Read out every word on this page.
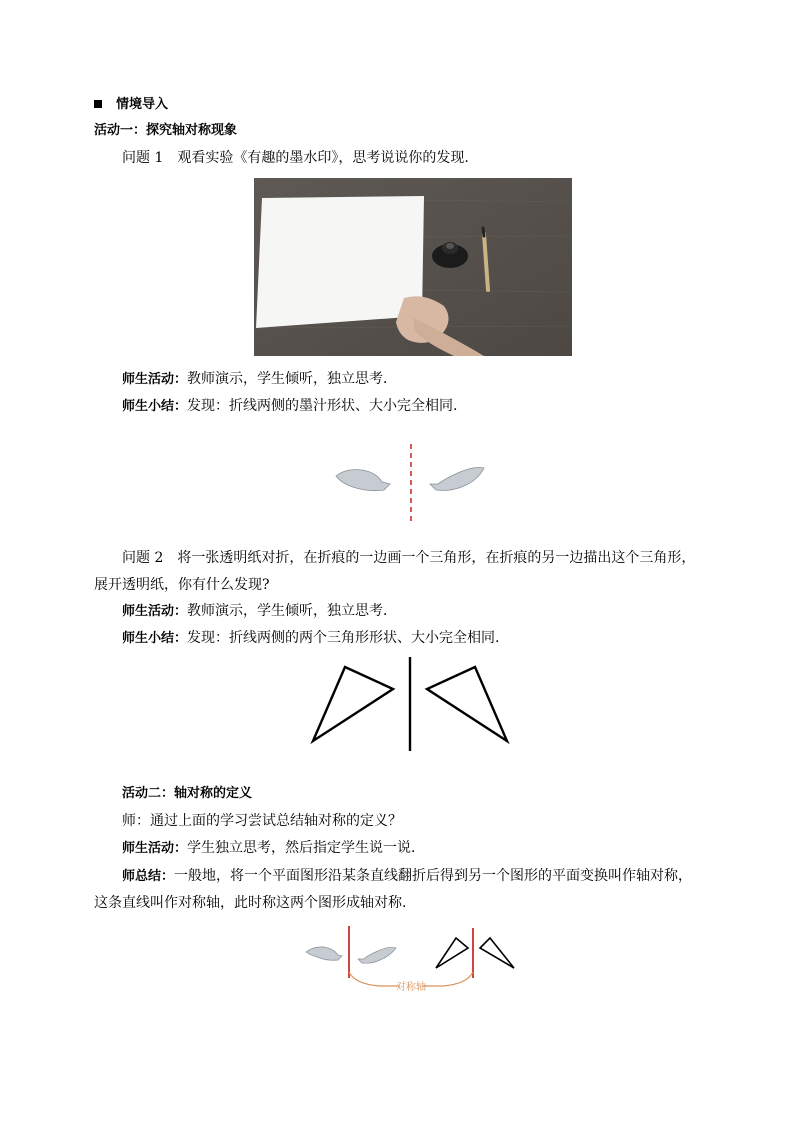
情境导入
活动一：探究轴对称现象
问题 1　观看实验《有趣的墨水印》，思考说说你的发现.
师生活动：教师演示，学生倾听，独立思考．
师生小结：发现：折线两侧的墨汁形状、大小完全相同.
问题 2　将一张透明纸对折，在折痕的一边画一个三角形，在折痕的另一边描出这个三角形，
展开透明纸，你有什么发现?
师生活动：教师演示，学生倾听，独立思考．
师生小结：发现：折线两侧的两个三角形形状、大小完全相同.
活动二：轴对称的定义
师：通过上面的学习尝试总结轴对称的定义？
师生活动：学生独立思考，然后指定学生说一说．
师总结：一般地，将一个平面图形沿某条直线翻折后得到另一个图形的平面变换叫作轴对称，
这条直线叫作对称轴，此时称这两个图形成轴对称.
对称轴
